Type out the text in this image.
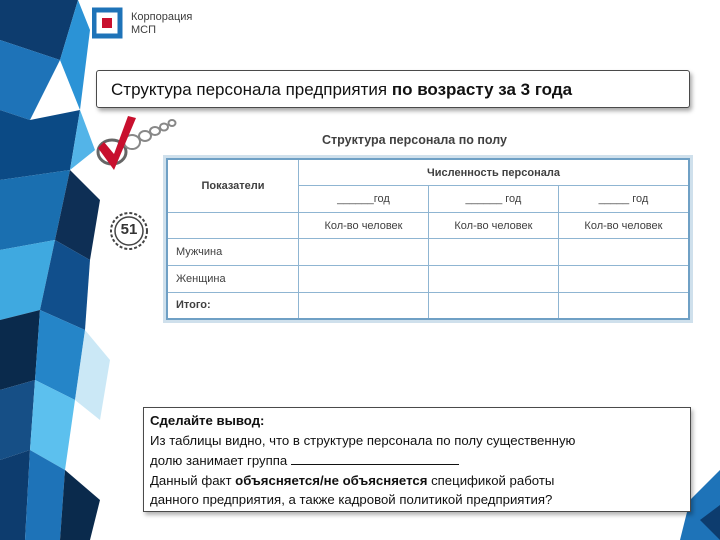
Корпорация
МСП
Структура персонала предприятия по возрасту за 3 года
51
Структура персонала по полу
Показатели	Численность персонала		
	______год	______ год	_____ год
	Кол-во человек	Кол-во человек	Кол-во человек
Мужчина			
Женщина			
Итого:			
Сделайте вывод:
Из таблицы видно, что в структуре персонала по полу существенную
долю занимает группа
Данный факт объясняется/не объясняется спецификой работы
данного предприятия, а также кадровой политикой предприятия?
